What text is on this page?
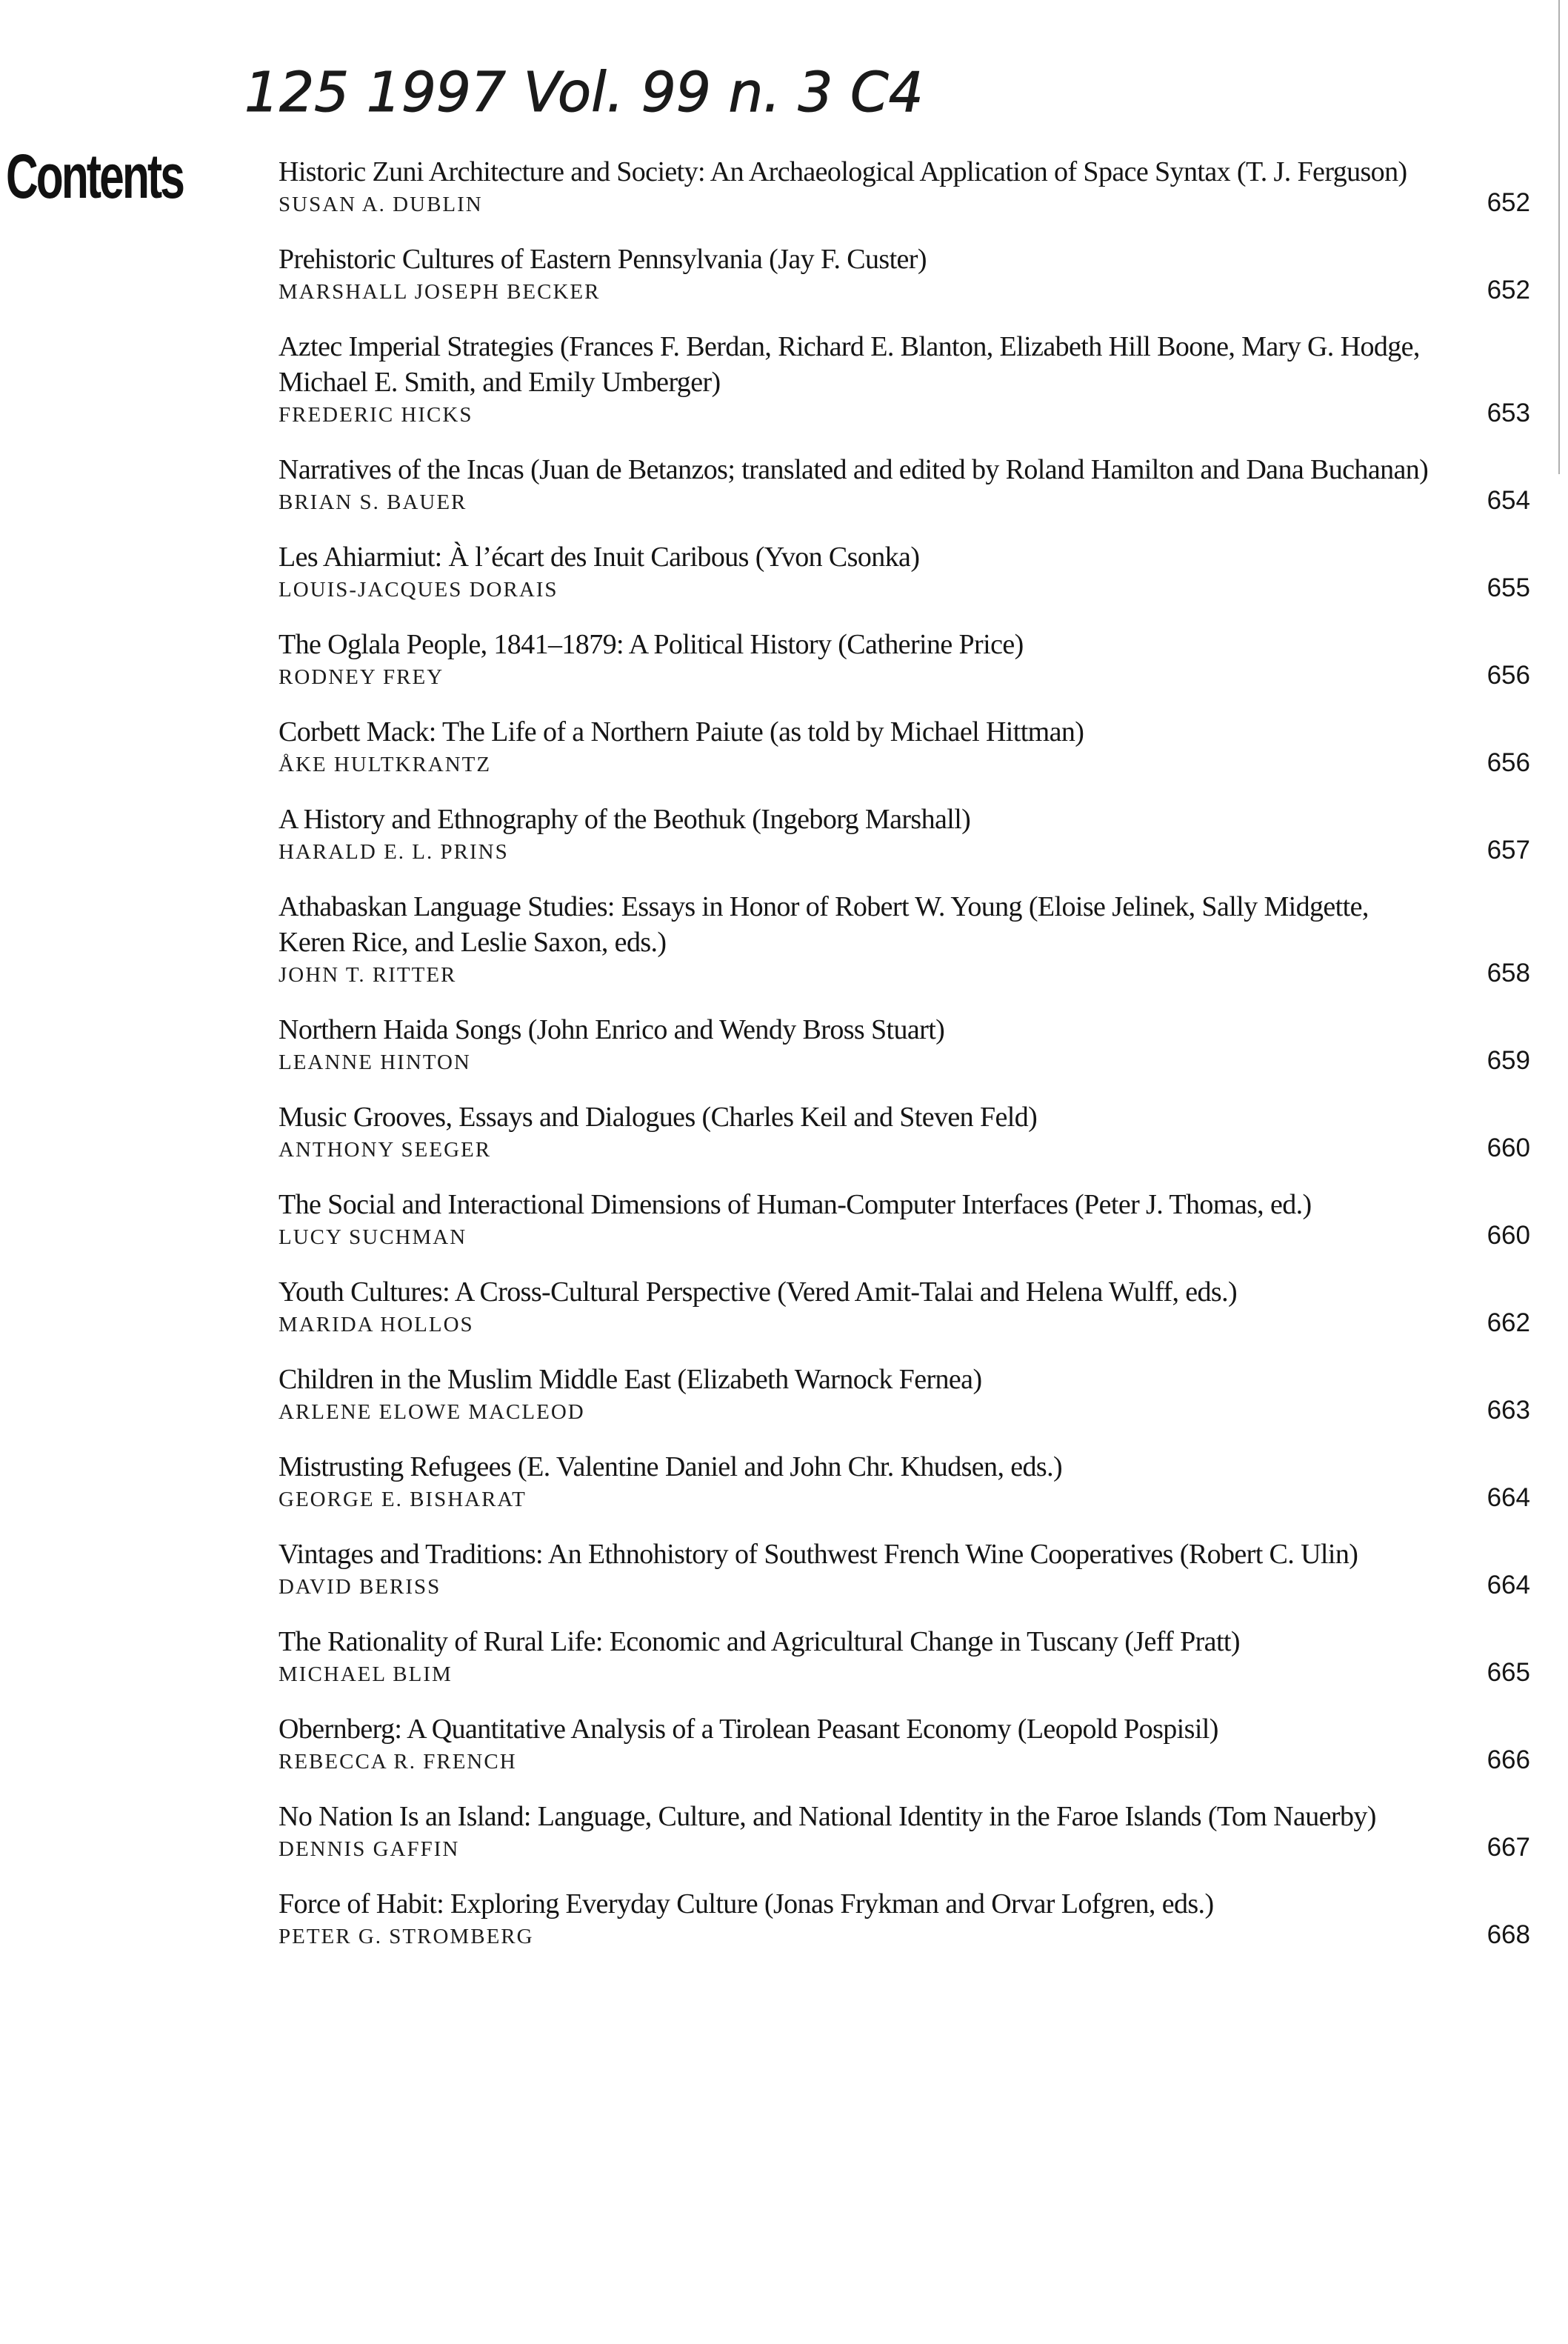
125 1997 Vol. 99 n. 3 C4
Contents	Historic Zuni Architecture and Society: An Archaeological Application of Space Syntax (T. J. Ferguson)
SUSAN A. DUBLIN	652
Prehistoric Cultures of Eastern Pennsylvania (Jay F. Custer)
MARSHALL JOSEPH BECKER	652
Aztec Imperial Strategies (Frances F. Berdan, Richard E. Blanton, Elizabeth Hill Boone, Mary G. Hodge, Michael E. Smith, and Emily Umberger)
FREDERIC HICKS	653
Narratives of the Incas (Juan de Betanzos; translated and edited by Roland Hamilton and Dana Buchanan)
BRIAN S. BAUER	654
Les Ahiarmiut: À l’écart des Inuit Caribous (Yvon Csonka)
LOUIS-JACQUES DORAIS	655
The Oglala People, 1841–1879: A Political History (Catherine Price)
RODNEY FREY	656
Corbett Mack: The Life of a Northern Paiute (as told by Michael Hittman)
ÅKE HULTKRANTZ	656
A History and Ethnography of the Beothuk (Ingeborg Marshall)
HARALD E. L. PRINS	657
Athabaskan Language Studies: Essays in Honor of Robert W. Young (Eloise Jelinek, Sally Midgette, Keren Rice, and Leslie Saxon, eds.)
JOHN T. RITTER	658
Northern Haida Songs (John Enrico and Wendy Bross Stuart)
LEANNE HINTON	659
Music Grooves, Essays and Dialogues (Charles Keil and Steven Feld)
ANTHONY SEEGER	660
The Social and Interactional Dimensions of Human-Computer Interfaces (Peter J. Thomas, ed.)
LUCY SUCHMAN	660
Youth Cultures: A Cross-Cultural Perspective (Vered Amit-Talai and Helena Wulff, eds.)
MARIDA HOLLOS	662
Children in the Muslim Middle East (Elizabeth Warnock Fernea)
ARLENE ELOWE MACLEOD	663
Mistrusting Refugees (E. Valentine Daniel and John Chr. Khudsen, eds.)
GEORGE E. BISHARAT	664
Vintages and Traditions: An Ethnohistory of Southwest French Wine Cooperatives (Robert C. Ulin)
DAVID BERISS	664
The Rationality of Rural Life: Economic and Agricultural Change in Tuscany (Jeff Pratt)
MICHAEL BLIM	665
Obernberg: A Quantitative Analysis of a Tirolean Peasant Economy (Leopold Pospisil)
REBECCA R. FRENCH	666
No Nation Is an Island: Language, Culture, and National Identity in the Faroe Islands (Tom Nauerby)
DENNIS GAFFIN	667
Force of Habit: Exploring Everyday Culture (Jonas Frykman and Orvar Lofgren, eds.)
PETER G. STROMBERG	668
